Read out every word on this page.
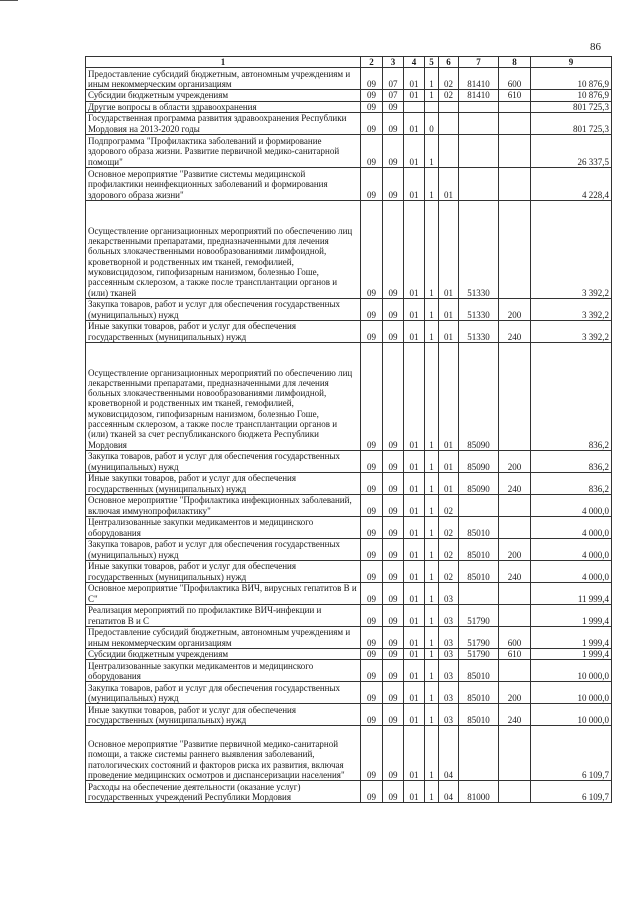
86
1	2	3	4	5	6	7	8	9
Предоставление субсидий бюджетным, автономным учреждениям и иным некоммерческим организациям	09	07	01	1	02	81410	600	10 876,9
Субсидии бюджетным учреждениям	09	07	01	1	02	81410	610	10 876,9
Другие вопросы в области здравоохранения	09	09						801 725,3
Государственная программа развития здравоохранения Республики Мордовия на 2013-2020 годы	09	09	01	0				801 725,3
Подпрограмма "Профилактика заболеваний и формирование здорового образа жизни. Развитие первичной медико-санитарной помощи"	09	09	01	1				26 337,5
Основное мероприятие "Развитие системы медицинской профилактики неинфекционных заболеваний и формирования здорового образа жизни"	09	09	01	1	01			4 228,4
Осуществление организационных мероприятий по обеспечению лиц лекарственными препаратами, предназначенными для лечения больных злокачественными новообразованиями лимфоидной, кроветворной и родственных им тканей, гемофилией, муковисцидозом, гипофизарным нанизмом, болезнью Гоше, рассеянным склерозом, а также после трансплантации органов и (или) тканей	09	09	01	1	01	51330		3 392,2
Закупка товаров, работ и услуг для обеспечения государственных (муниципальных) нужд	09	09	01	1	01	51330	200	3 392,2
Иные закупки товаров, работ и услуг для обеспечения государственных (муниципальных) нужд	09	09	01	1	01	51330	240	3 392,2
Осуществление организационных мероприятий по обеспечению лиц лекарственными препаратами, предназначенными для лечения больных злокачественными новообразованиями лимфоидной, кроветворной и родственных им тканей, гемофилией, муковисцидозом, гипофизарным нанизмом, болезнью Гоше, рассеянным склерозом, а также после трансплантации органов и (или) тканей за счет республиканского бюджета Республики Мордовия	09	09	01	1	01	85090		836,2
Закупка товаров, работ и услуг для обеспечения государственных (муниципальных) нужд	09	09	01	1	01	85090	200	836,2
Иные закупки товаров, работ и услуг для обеспечения государственных (муниципальных) нужд	09	09	01	1	01	85090	240	836,2
Основное мероприятие "Профилактика инфекционных заболеваний, включая иммунопрофилактику"	09	09	01	1	02			4 000,0
Централизованные закупки медикаментов и медицинского оборудования	09	09	01	1	02	85010		4 000,0
Закупка товаров, работ и услуг для обеспечения государственных (муниципальных) нужд	09	09	01	1	02	85010	200	4 000,0
Иные закупки товаров, работ и услуг для обеспечения государственных (муниципальных) нужд	09	09	01	1	02	85010	240	4 000,0
Основное мероприятие "Профилактика ВИЧ, вирусных гепатитов В и С"	09	09	01	1	03			11 999,4
Реализация мероприятий по профилактике ВИЧ-инфекции и гепатитов В и С	09	09	01	1	03	51790		1 999,4
Предоставление субсидий бюджетным, автономным учреждениям и иным некоммерческим организациям	09	09	01	1	03	51790	600	1 999,4
Субсидии бюджетным учреждениям	09	09	01	1	03	51790	610	1 999,4
Централизованные закупки медикаментов и медицинского оборудования	09	09	01	1	03	85010		10 000,0
Закупка товаров, работ и услуг для обеспечения государственных (муниципальных) нужд	09	09	01	1	03	85010	200	10 000,0
Иные закупки товаров, работ и услуг для обеспечения государственных (муниципальных) нужд	09	09	01	1	03	85010	240	10 000,0
Основное мероприятие "Развитие первичной медико-санитарной помощи, а также системы раннего выявления заболеваний, патологических состояний и факторов риска их развития, включая проведение медицинских осмотров и диспансеризации населения"	09	09	01	1	04			6 109,7
Расходы на обеспечение деятельности (оказание услуг) государственных учреждений Республики Мордовия	09	09	01	1	04	81000		6 109,7
